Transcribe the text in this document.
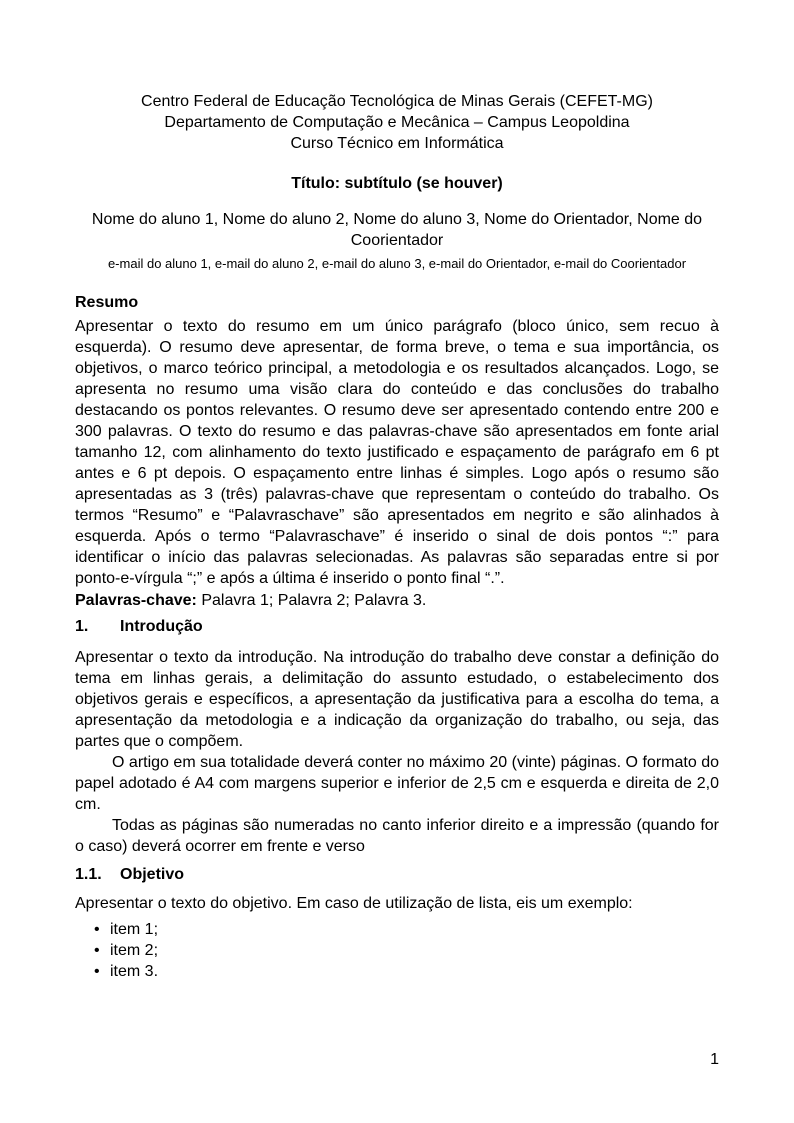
Centro Federal de Educação Tecnológica de Minas Gerais (CEFET-MG)

Departamento de Computação e Mecânica – Campus Leopoldina

Curso Técnico em Informática

Título: subtítulo (se houver)

Nome do aluno 1, Nome do aluno 2, Nome do aluno 3, Nome do Orientador, Nome do Coorientador

e-mail do aluno 1, e-mail do aluno 2, e-mail do aluno 3, e-mail do Orientador, e-mail do Coorientador

Resumo

Apresentar o texto do resumo em um único parágrafo (bloco único, sem recuo à esquerda). O resumo deve apresentar, de forma breve, o tema e sua importância, os objetivos, o marco teórico principal, a metodologia e os resultados alcançados. Logo, se apresenta no resumo uma visão clara do conteúdo e das conclusões do trabalho destacando os pontos relevantes. O resumo deve ser apresentado contendo entre 200 e 300 palavras. O texto do resumo e das palavras-chave são apresentados em fonte arial tamanho 12, com alinhamento do texto justificado e espaçamento de parágrafo em 6 pt antes e 6 pt depois. O espaçamento entre linhas é simples. Logo após o resumo são apresentadas as 3 (três) palavras-chave que representam o conteúdo do trabalho. Os termos “Resumo” e “Palavraschave” são apresentados em negrito e são alinhados à esquerda. Após o termo “Palavraschave” é inserido o sinal de dois pontos “:” para identificar o início das palavras selecionadas. As palavras são separadas entre si por ponto-e-vírgula “;” e após a última é inserido o ponto final “.”.

Palavras-chave: Palavra 1; Palavra 2; Palavra 3.

1. Introdução

Apresentar o texto da introdução. Na introdução do trabalho deve constar a definição do tema em linhas gerais, a delimitação do assunto estudado, o estabelecimento dos objetivos gerais e específicos, a apresentação da justificativa para a escolha do tema, a apresentação da metodologia e a indicação da organização do trabalho, ou seja, das partes que o compõem.

O artigo em sua totalidade deverá conter no máximo 20 (vinte) páginas. O formato do papel adotado é A4 com margens superior e inferior de 2,5 cm e esquerda e direita de 2,0 cm.

Todas as páginas são numeradas no canto inferior direito e a impressão (quando for o caso) deverá ocorrer em frente e verso

1.1. Objetivo

Apresentar o texto do objetivo. Em caso de utilização de lista, eis um exemplo:

• item 1;
• item 2;
• item 3.
1
